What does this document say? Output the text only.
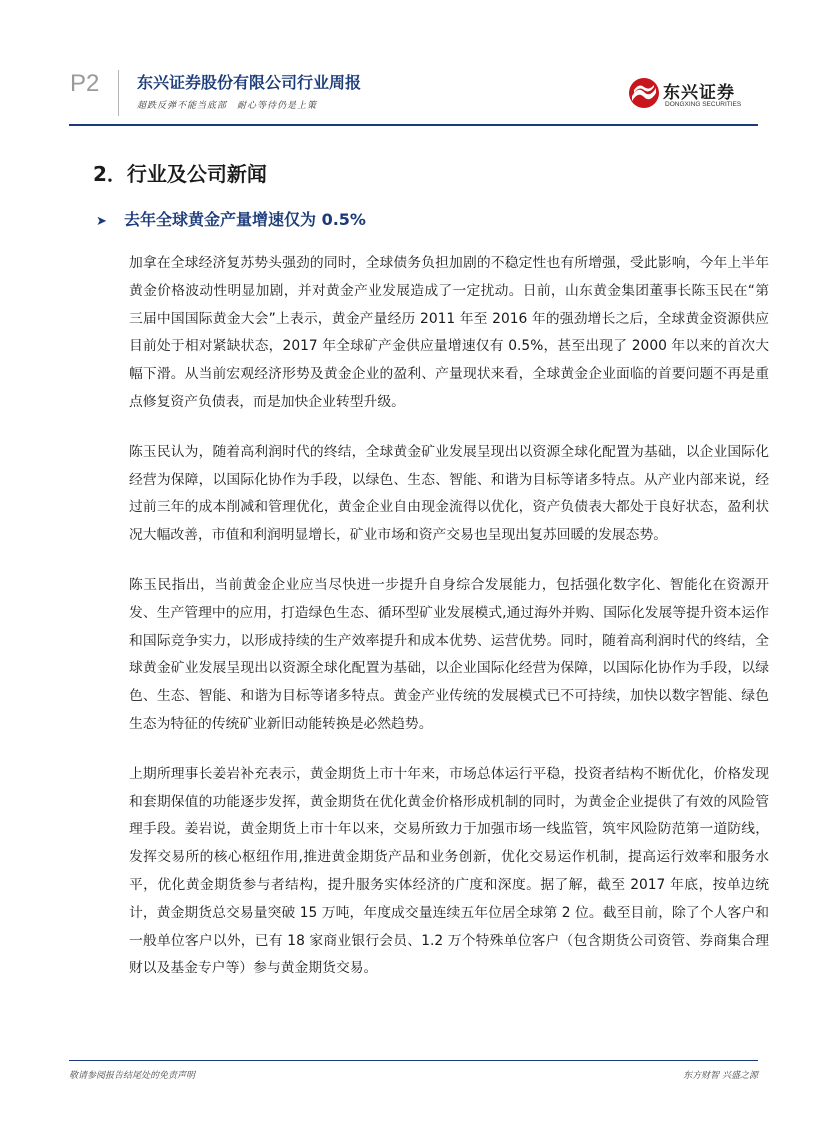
P2 东兴证券股份有限公司行业周报
超跌反弹不能当底部　耐心等待仍是上策
东兴证券
DONGXING SECURITIES
2．行业及公司新闻
➤ 去年全球黄金产量增速仅为 0.5%

加拿在全球经济复苏势头强劲的同时，全球债务负担加剧的不稳定性也有所增强，受此影响，今年上半年黄金价格波动性明显加剧，并对黄金产业发展造成了一定扰动。日前，山东黄金集团董事长陈玉民在“第三届中国国际黄金大会”上表示，黄金产量经历 2011 年至 2016 年的强劲增长之后，全球黄金资源供应目前处于相对紧缺状态，2017 年全球矿产金供应量增速仅有 0.5%，甚至出现了 2000 年以来的首次大幅下滑。从当前宏观经济形势及黄金企业的盈利、产量现状来看，全球黄金企业面临的首要问题不再是重点修复资产负债表，而是加快企业转型升级。

陈玉民认为，随着高利润时代的终结，全球黄金矿业发展呈现出以资源全球化配置为基础，以企业国际化经营为保障，以国际化协作为手段，以绿色、生态、智能、和谐为目标等诸多特点。从产业内部来说，经过前三年的成本削减和管理优化，黄金企业自由现金流得以优化，资产负债表大都处于良好状态，盈利状况大幅改善，市值和利润明显增长，矿业市场和资产交易也呈现出复苏回暖的发展态势。

陈玉民指出，当前黄金企业应当尽快进一步提升自身综合发展能力，包括强化数字化、智能化在资源开发、生产管理中的应用，打造绿色生态、循环型矿业发展模式,通过海外并购、国际化发展等提升资本运作和国际竞争实力，以形成持续的生产效率提升和成本优势、运营优势。同时，随着高利润时代的终结，全球黄金矿业发展呈现出以资源全球化配置为基础，以企业国际化经营为保障，以国际化协作为手段，以绿色、生态、智能、和谐为目标等诸多特点。黄金产业传统的发展模式已不可持续，加快以数字智能、绿色生态为特征的传统矿业新旧动能转换是必然趋势。

上期所理事长姜岩补充表示，黄金期货上市十年来，市场总体运行平稳，投资者结构不断优化，价格发现和套期保值的功能逐步发挥，黄金期货在优化黄金价格形成机制的同时，为黄金企业提供了有效的风险管理手段。姜岩说，黄金期货上市十年以来，交易所致力于加强市场一线监管，筑牢风险防范第一道防线，发挥交易所的核心枢纽作用,推进黄金期货产品和业务创新，优化交易运作机制，提高运行效率和服务水平，优化黄金期货参与者结构，提升服务实体经济的广度和深度。据了解，截至 2017 年底，按单边统计，黄金期货总交易量突破 15 万吨，年度成交量连续五年位居全球第 2 位。截至目前，除了个人客户和一般单位客户以外，已有 18 家商业银行会员、1.2 万个特殊单位客户（包含期货公司资管、券商集合理财以及基金专户等）参与黄金期货交易。

敬请参阅报告结尾处的免责声明	东方财智 兴盛之源
